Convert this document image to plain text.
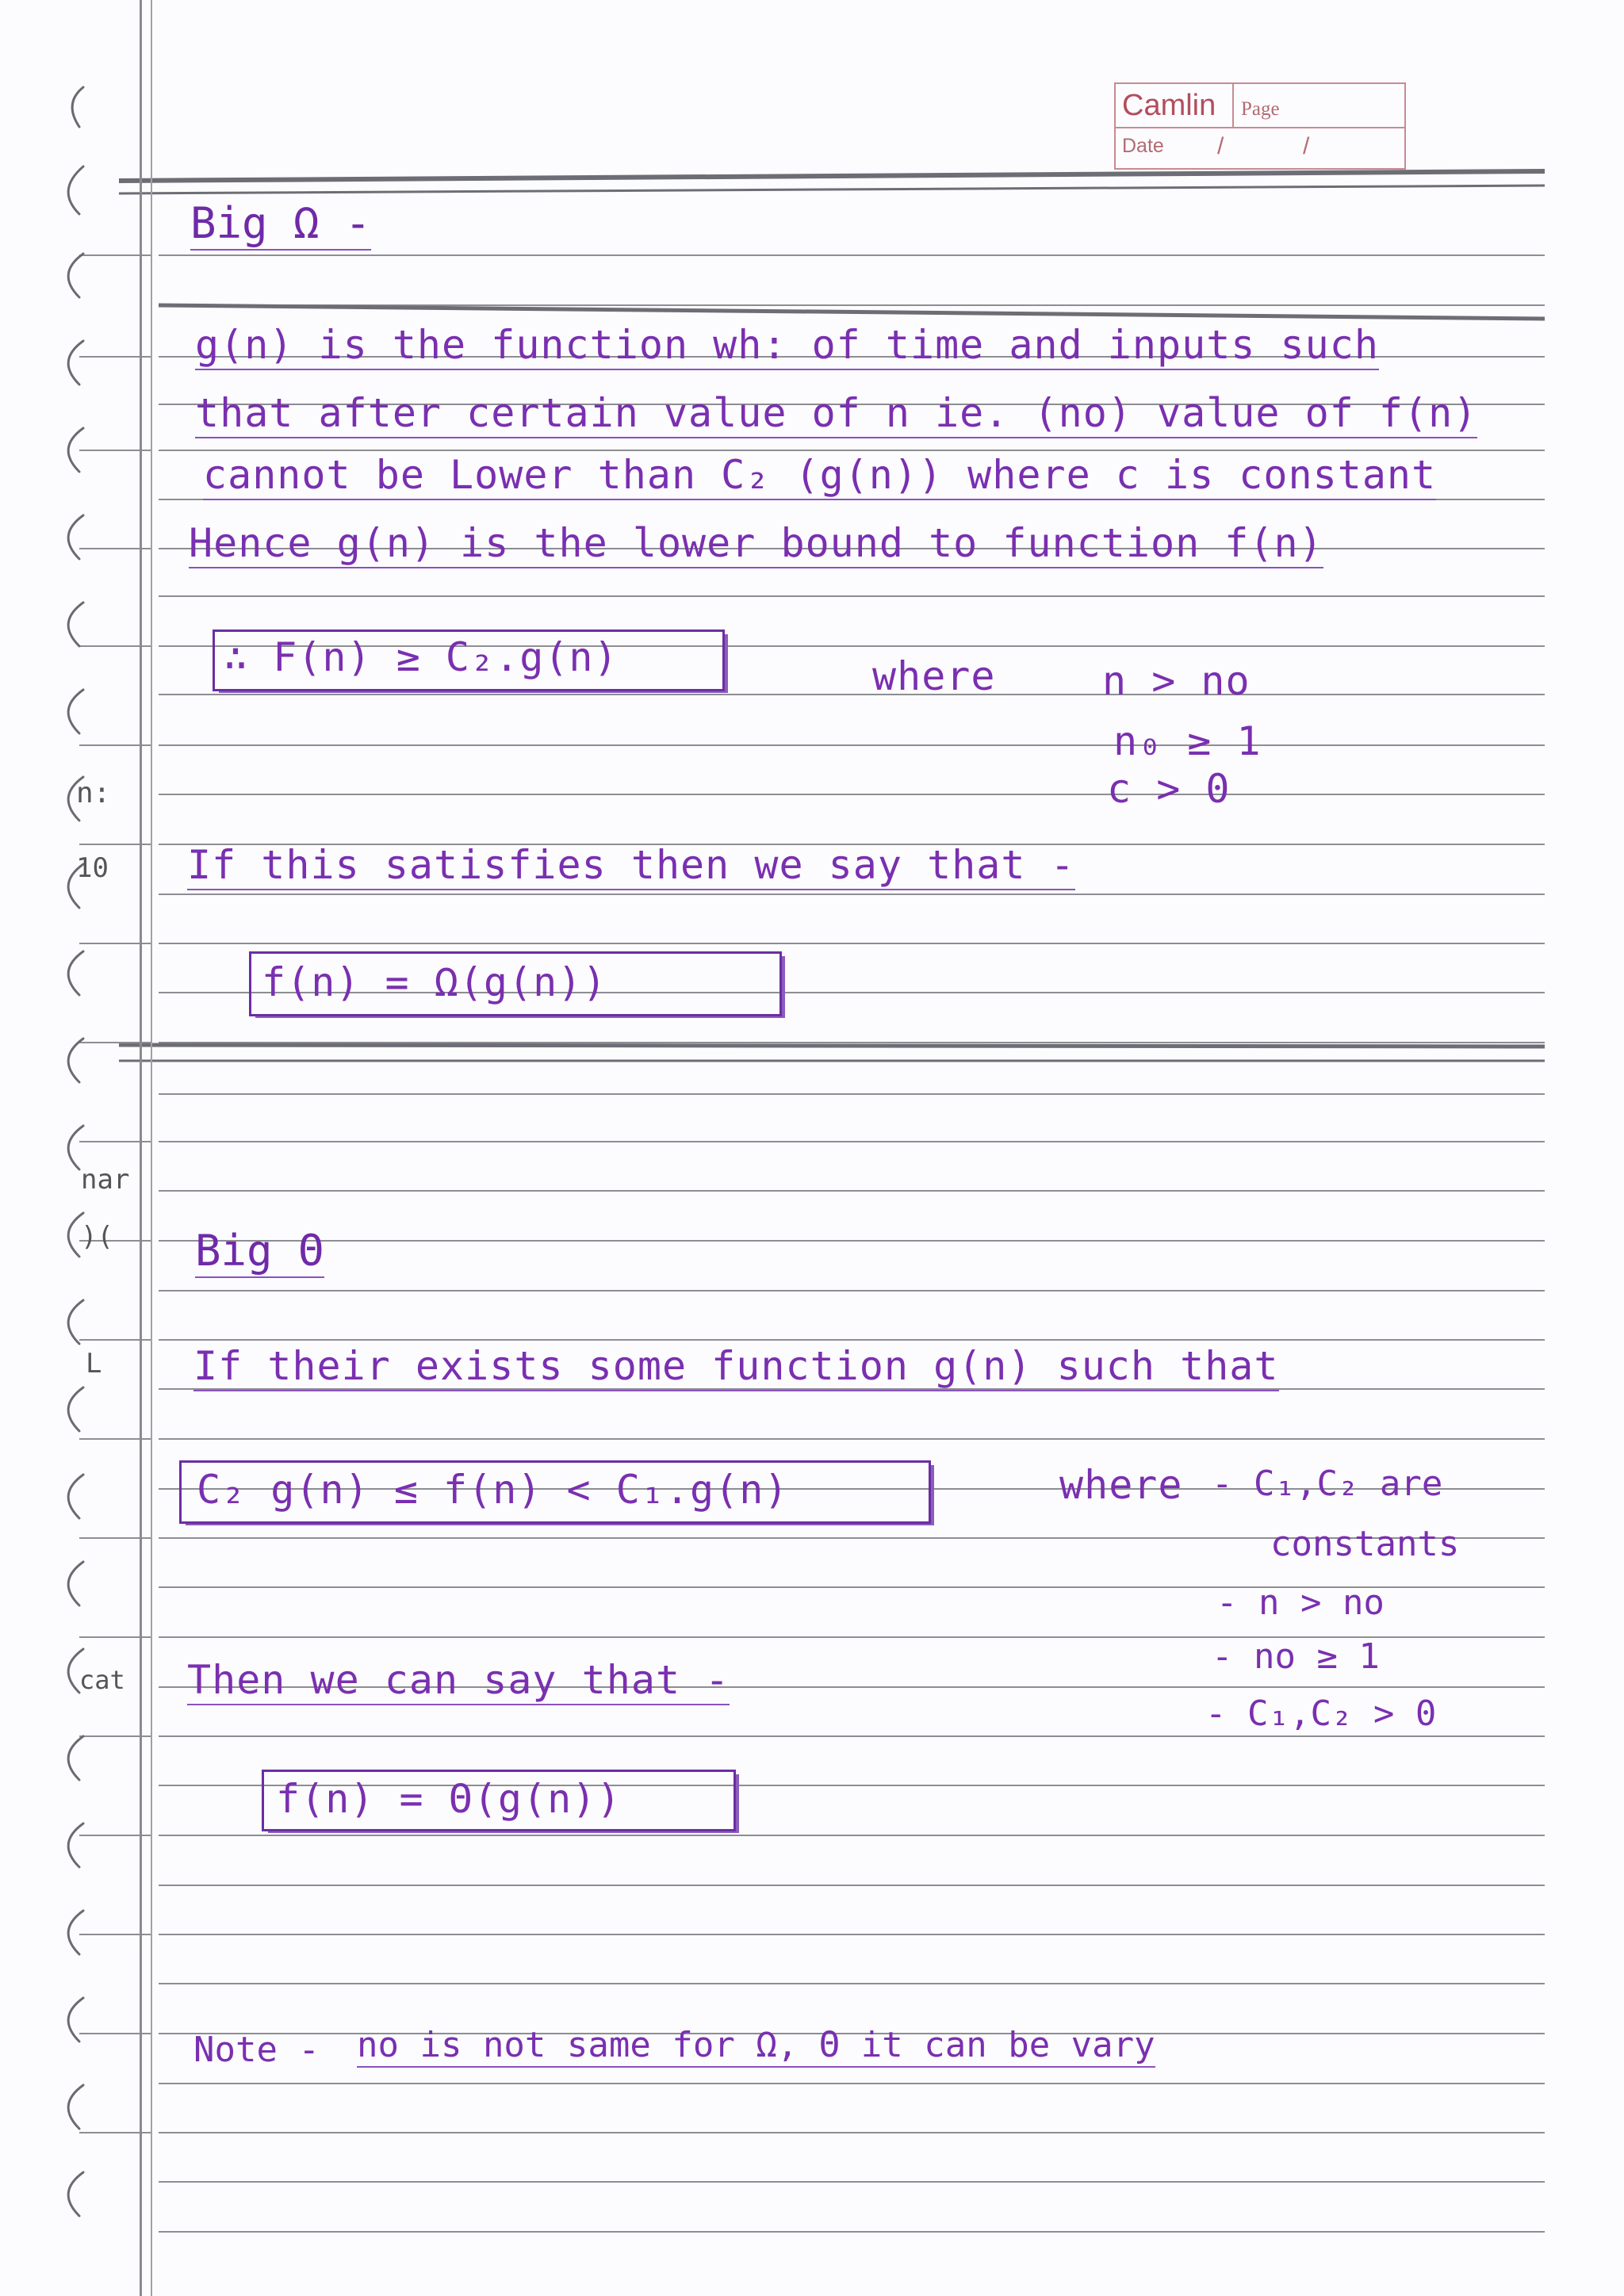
n:
10
nar
)(
L
cat
Camlin Page
Date /	/
Big Ω -
g(n) is the function wh: of time and inputs such
that after certain value of n ie. (no) value of f(n)
cannot be Lower than C₂ (g(n)) where c is constant
Hence g(n) is the lower bound to function f(n)
∴ F(n) ≥ C₂.g(n)	where	n > no
n₀ ≥ 1
c > 0
If this satisfies then we say that -
f(n) = Ω(g(n))
Big Θ
If their exists some function g(n) such that
C₂ g(n) ≤ f(n) < C₁.g(n)	where - C₁,C₂ are
constants
- n > no
- no ≥ 1
- C₁,C₂ > 0
Then we can say that -
f(n) = Θ(g(n))
Note - no is not same for Ω, Θ it can be vary
